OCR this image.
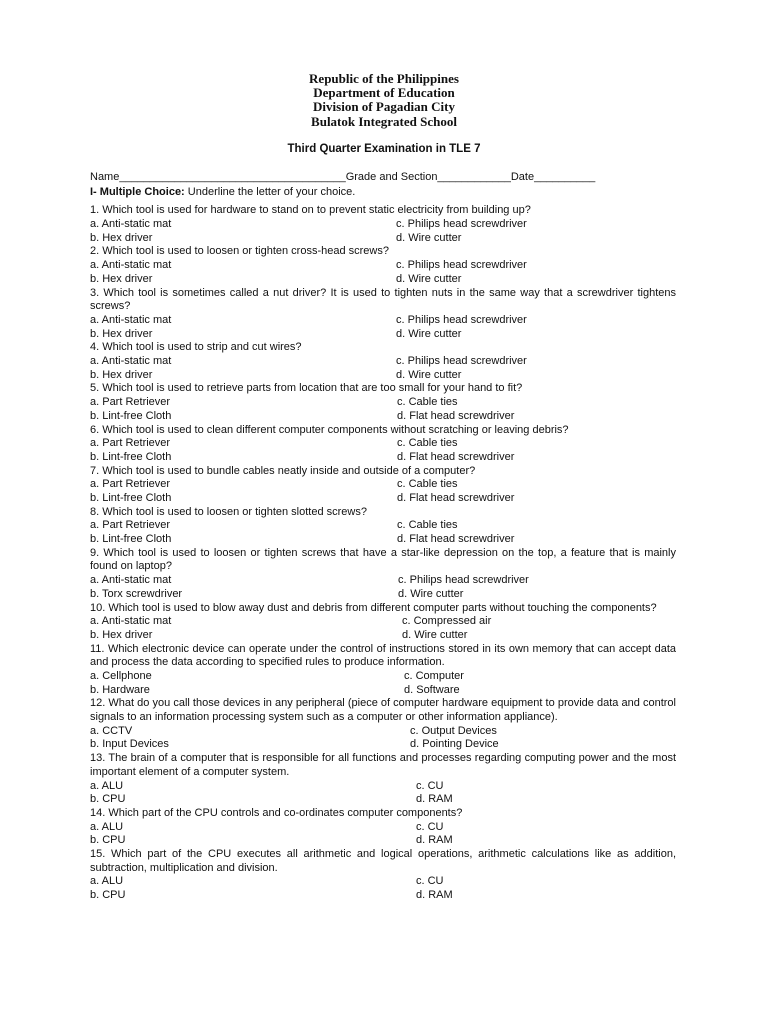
Republic of the Philippines
Department of Education
Division of Pagadian City
Bulatok Integrated School
Third Quarter Examination in TLE 7
Name_____________________________________ Grade and Section____________ Date__________
I- Multiple Choice: Underline the letter of your choice.
1. Which tool is used for hardware to stand on to prevent static electricity from building up?
a. Anti-static mat	c. Philips head screwdriver
b. Hex driver	d. Wire cutter
2. Which tool is used to loosen or tighten cross-head screws?
a. Anti-static mat	c. Philips head screwdriver
b. Hex driver	d. Wire cutter
3. Which tool is sometimes called a nut driver? It is used to tighten nuts in the same way that a screwdriver tightens screws?
a. Anti-static mat	c. Philips head screwdriver
b. Hex driver	d. Wire cutter
4. Which tool is used to strip and cut wires?
a. Anti-static mat	c. Philips head screwdriver
b. Hex driver	d. Wire cutter
5. Which tool is used to retrieve parts from location that are too small for your hand to fit?
a. Part Retriever	c. Cable ties
b. Lint-free Cloth	d. Flat head screwdriver
6. Which tool is used to clean different computer components without scratching or leaving debris?
a. Part Retriever	c. Cable ties
b. Lint-free Cloth	d. Flat head screwdriver
7. Which tool is used to bundle cables neatly inside and outside of a computer?
a. Part Retriever	c. Cable ties
b. Lint-free Cloth	d. Flat head screwdriver
8. Which tool is used to loosen or tighten slotted screws?
a. Part Retriever	c. Cable ties
b. Lint-free Cloth	d. Flat head screwdriver
9. Which tool is used to loosen or tighten screws that have a star-like depression on the top, a feature that is mainly found on laptop?
a. Anti-static mat	c. Philips head screwdriver
b. Torx screwdriver	d. Wire cutter
10. Which tool is used to blow away dust and debris from different computer parts without touching the components?
a. Anti-static mat	c. Compressed air
b. Hex driver	d. Wire cutter
11. Which electronic device can operate under the control of instructions stored in its own memory that can accept data and process the data according to specified rules to produce information.
a. Cellphone	c. Computer
b. Hardware	d. Software
12. What do you call those devices in any peripheral (piece of computer hardware equipment to provide data and control signals to an information processing system such as a computer or other information appliance).
a. CCTV	c. Output Devices
b. Input Devices	d. Pointing Device
13. The brain of a computer that is responsible for all functions and processes regarding computing power and the most important element of a computer system.
a. ALU	c. CU
b. CPU	d. RAM
14. Which part of the CPU controls and co-ordinates computer components?
a. ALU	c. CU
b. CPU	d. RAM
15. Which part of the CPU executes all arithmetic and logical operations, arithmetic calculations like as addition, subtraction, multiplication and division.
a. ALU	c. CU
b. CPU	d. RAM
